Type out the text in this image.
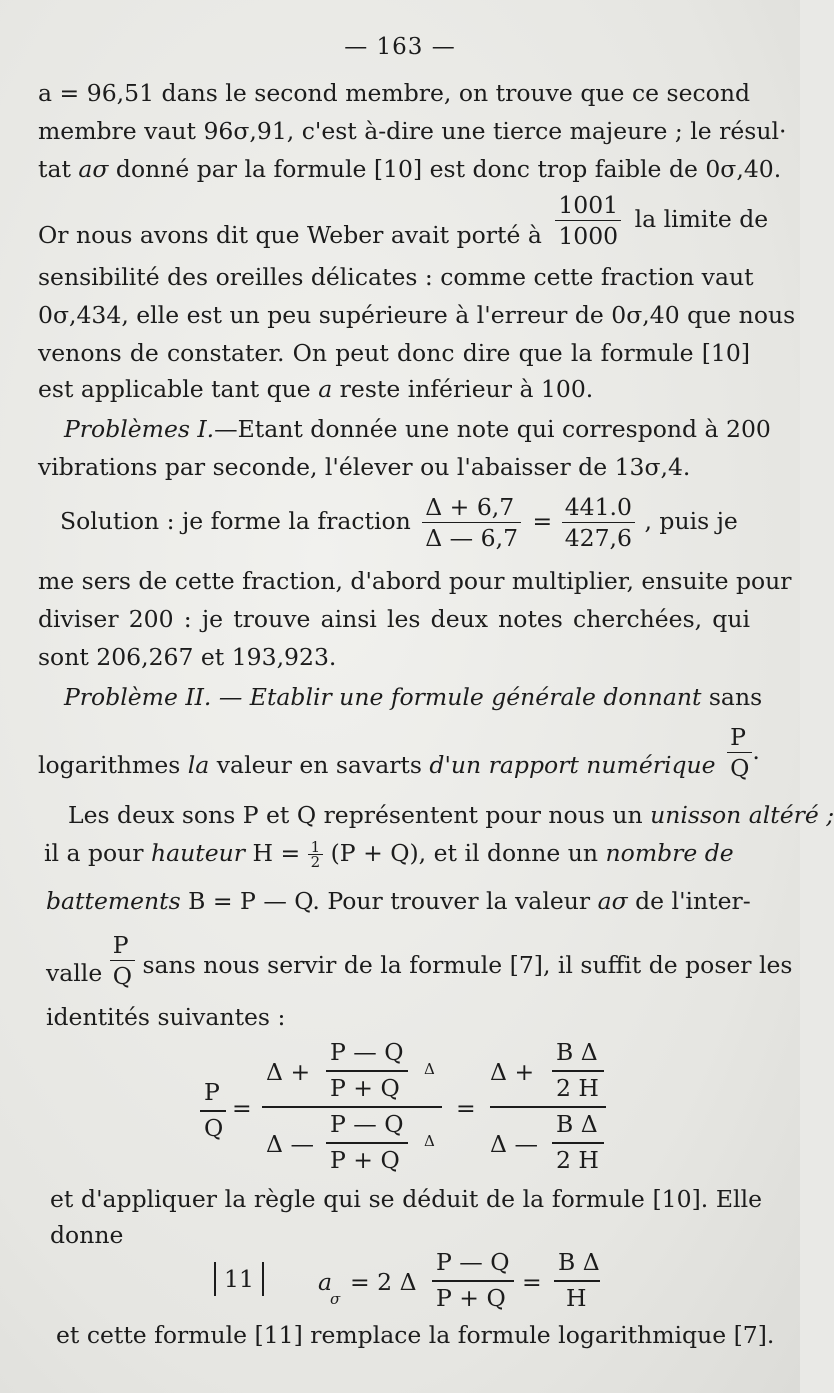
— 163 —
a = 96,51 dans le second membre, on trouve que ce second
membre vaut 96σ,91, c'est à-dire une tierce majeure ; le résul·
tat aσ donné par la formule [10] est donc trop faible de 0σ,40.
Or nous avons dit que Weber avait porté à $\frac{1001}{1000}$ la limite de
sensibilité des oreilles délicates : comme cette fraction vaut
0σ,434, elle est un peu supérieure à l'erreur de 0σ,40 que nous
venons de constater. On peut donc dire que la formule [10]
est applicable tant que a reste inférieur à 100.
Problèmes I.—Etant donnée une note qui correspond à 200
vibrations par seconde, l'élever ou l'abaisser de 13σ,4.
Solution : je forme la fraction $\frac{\Delta + 6,7}{\Delta — 6,7} = \frac{441.0}{427,6}$ , puis je
me sers de cette fraction, d'abord pour multiplier, ensuite pour
diviser 200 : je trouve ainsi les deux notes cherchées, qui
sont 206,267 et 193,923.
Problème II. — Etablir une formule générale donnant sans
logarithmes la valeur en savarts d'un rapport numérique $\frac{P}{Q}$ .
Les deux sons P et Q représentent pour nous un unisson altéré ;
il a pour hauteur $H = \frac{1}{2} (P + Q)$, et il donne un nombre de
battements B = P — Q. Pour trouver la valeur aσ de l'inter-
valle $\frac{P}{Q}$ sans nous servir de la formule [7], il suffit de poser les
identités suivantes :
P
Q
=
Δ +
P — Q
P + Q
Δ
Δ —
P — Q
P + Q
Δ
=
Δ +
B Δ
2 H
Δ —
B Δ
2 H
et d'appliquer la règle qui se déduit de la formule [10]. Elle
donne
11	a
σ
= 2 Δ
P — Q
P + Q
=
B Δ
H
et cette formule [11] remplace la formule logarithmique [7].
